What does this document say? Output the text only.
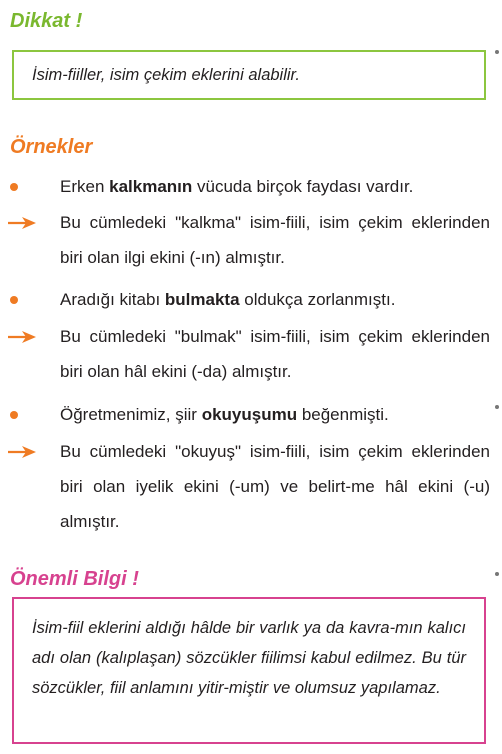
Dikkat !
İsim-fiiller, isim çekim eklerini alabilir.
Örnekler
Erken kalkmanın vücuda birçok faydası vardır.
Bu cümledeki "kalkma" isim-fiili, isim çekim eklerinden biri olan ilgi ekini (-ın) almıştır.
Aradığı kitabı bulmakta oldukça zorlanmıştı.
Bu cümledeki "bulmak" isim-fiili, isim çekim eklerinden biri olan hâl ekini (-da) almıştır.
Öğretmenimiz, şiir okuyuşumu beğenmişti.
Bu cümledeki "okuyuş" isim-fiili, isim çekim eklerinden biri olan iyelik ekini (-um) ve belirt-me hâl ekini (-u) almıştır.
Önemli Bilgi !
İsim-fiil eklerini aldığı hâlde bir varlık ya da kavra-mın kalıcı adı olan (kalıplaşan) sözcükler fiilimsi kabul edilmez. Bu tür sözcükler, fiil anlamını yitir-miştir ve olumsuz yapılamaz.
